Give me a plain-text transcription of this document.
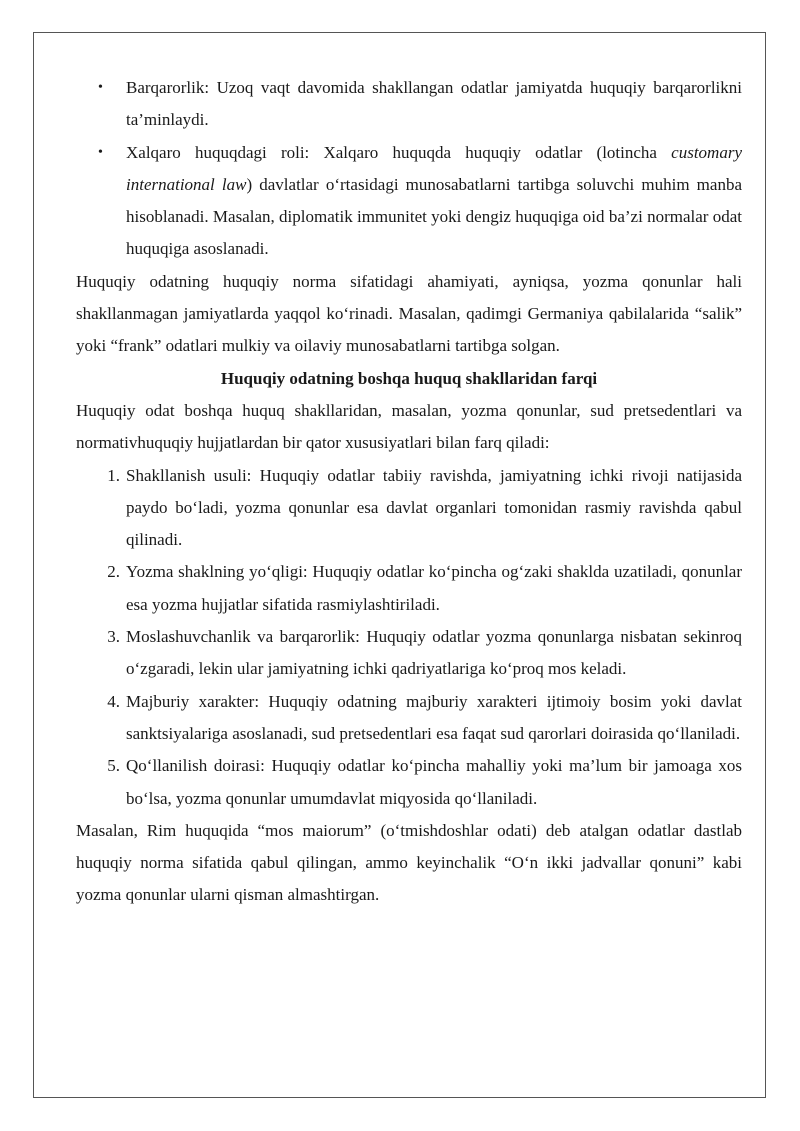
• Barqarorlik: Uzoq vaqt davomida shakllangan odatlar jamiyatda huquqiy barqarorlikni ta’minlaydi.
• Xalqaro huquqdagi roli: Xalqaro huquqda huquqiy odatlar (lotincha customary international law) davlatlar o‘rtasidagi munosabatlarni tartibga soluvchi muhim manba hisoblanadi. Masalan, diplomatik immunitet yoki dengiz huquqiga oid ba’zi normalar odat huquqiga asoslanadi.

Huquqiy odatning huquqiy norma sifatidagi ahamiyati, ayniqsa, yozma qonunlar hali shakllanmagan jamiyatlarda yaqqol ko‘rinadi. Masalan, qadimgi Germaniya qabilalarida “salik” yoki “frank” odatlari mulkiy va oilaviy munosabatlarni tartibga solgan.

Huquqiy odatning boshqa huquq shakllaridan farqi

Huquqiy odat boshqa huquq shakllaridan, masalan, yozma qonunlar, sud pretsedentlari va normativhuquqiy hujjatlardan bir qator xususiyatlari bilan farq qiladi:

1. Shakllanish usuli: Huquqiy odatlar tabiiy ravishda, jamiyatning ichki rivoji natijasida paydo bo‘ladi, yozma qonunlar esa davlat organlari tomonidan rasmiy ravishda qabul qilinadi.
2. Yozma shaklning yo‘qligi: Huquqiy odatlar ko‘pincha og‘zaki shaklda uzatiladi, qonunlar esa yozma hujjatlar sifatida rasmiylashtiriladi.
3. Moslashuvchanlik va barqarorlik: Huquqiy odatlar yozma qonunlarga nisbatan sekinroq o‘zgaradi, lekin ular jamiyatning ichki qadriyatlariga ko‘proq mos keladi.
4. Majburiy xarakter: Huquqiy odatning majburiy xarakteri ijtimoiy bosim yoki davlat sanktsiyalariga asoslanadi, sud pretsedentlari esa faqat sud qarorlari doirasida qo‘llaniladi.
5. Qo‘llanilish doirasi: Huquqiy odatlar ko‘pincha mahalliy yoki ma’lum bir jamoaga xos bo‘lsa, yozma qonunlar umumdavlat miqyosida qo‘llaniladi.

Masalan, Rim huquqida “mos maiorum” (o‘tmishdoshlar odati) deb atalgan odatlar dastlab huquqiy norma sifatida qabul qilingan, ammo keyinchalik “O‘n ikki jadvallar qonuni” kabi yozma qonunlar ularni qisman almashtirgan.
